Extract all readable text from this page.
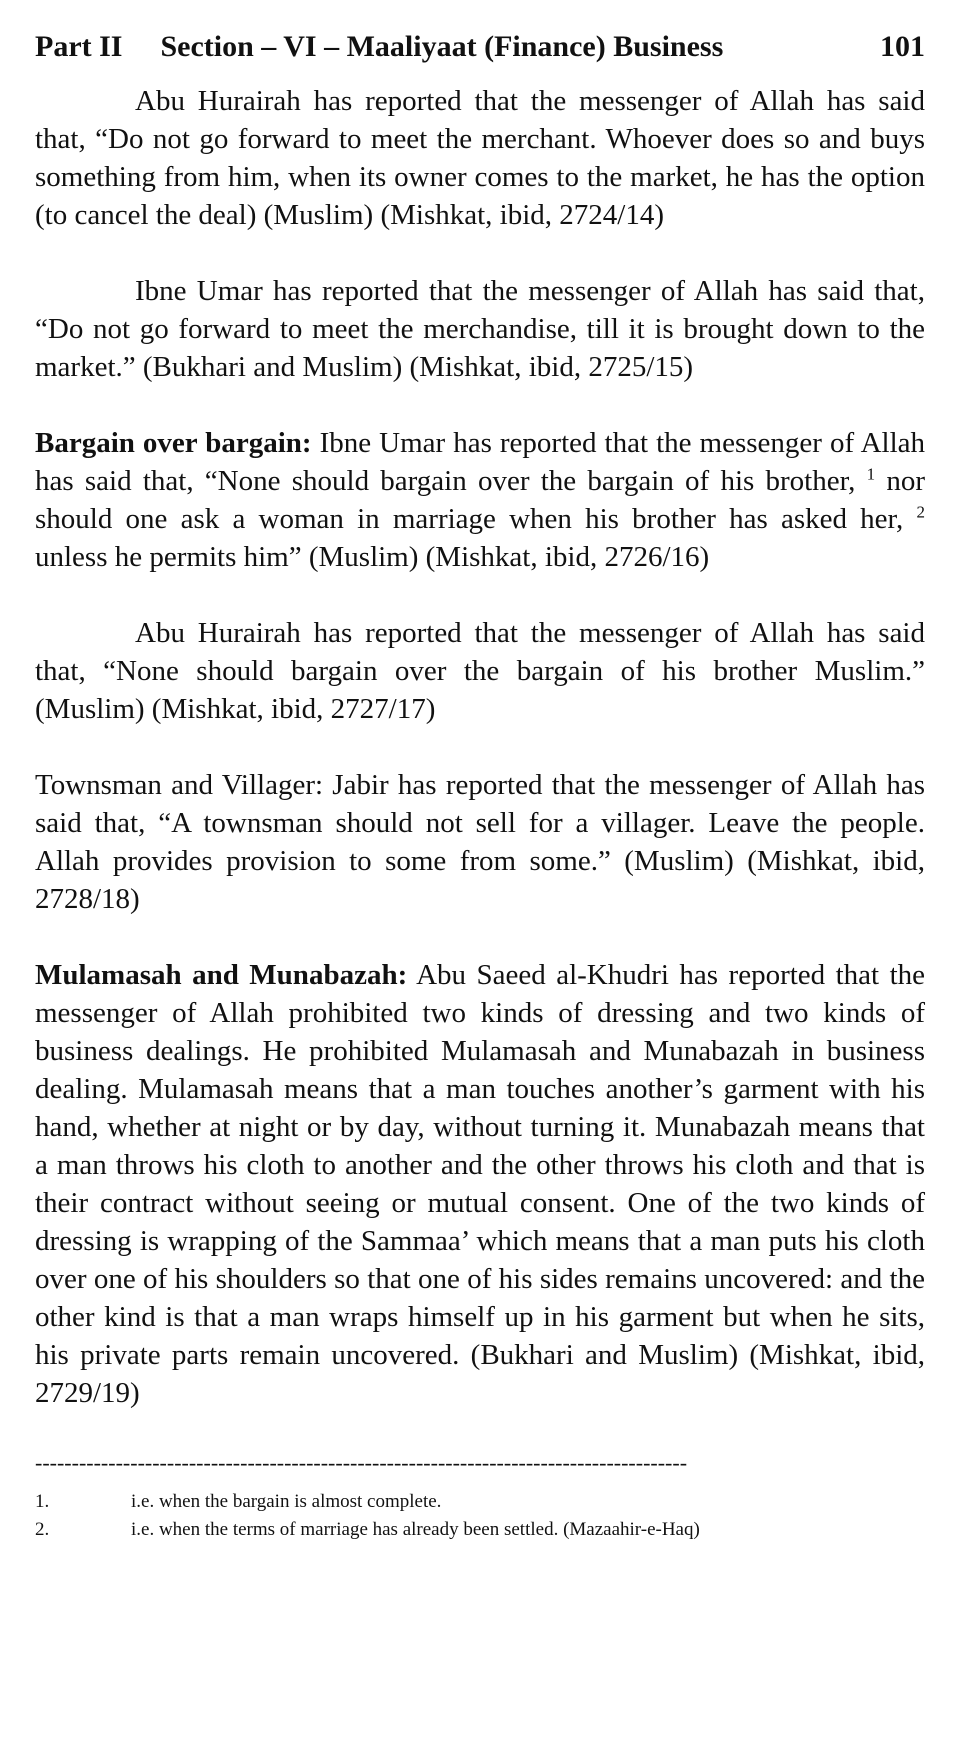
Part II Section – VI – Maaliyaat (Finance) Business	101

Abu Hurairah has reported that the messenger of Allah has said that, “Do not go forward to meet the merchant. Whoever does so and buys something from him, when its owner comes to the market, he has the option (to cancel the deal) (Muslim) (Mishkat, ibid, 2724/14)

Ibne Umar has reported that the messenger of Allah has said that, “Do not go forward to meet the merchandise, till it is brought down to the market.” (Bukhari and Muslim) (Mishkat, ibid, 2725/15)

Bargain over bargain: Ibne Umar has reported that the messenger of Allah has said that, “None should bargain over the bargain of his brother, $^1$ nor should one ask a woman in marriage when his brother has asked her, $^2$ unless he permits him” (Muslim) (Mishkat, ibid, 2726/16)

Abu Hurairah has reported that the messenger of Allah has said that, “None should bargain over the bargain of his brother Muslim.” (Muslim) (Mishkat, ibid, 2727/17)

Townsman and Villager: Jabir has reported that the messenger of Allah has said that, “A townsman should not sell for a villager. Leave the people. Allah provides provision to some from some.” (Muslim) (Mishkat, ibid, 2728/18)

Mulamasah and Munabazah: Abu Saeed al-Khudri has reported that the messenger of Allah prohibited two kinds of dressing and two kinds of business dealings. He prohibited Mulamasah and Munabazah in business dealing. Mulamasah means that a man touches another’s garment with his hand, whether at night or by day, without turning it. Munabazah means that a man throws his cloth to another and the other throws his cloth and that is their contract without seeing or mutual consent. One of the two kinds of dressing is wrapping of the Sammaa’ which means that a man puts his cloth over one of his shoulders so that one of his sides remains uncovered: and the other kind is that a man wraps himself up in his garment but when he sits, his private parts remain uncovered. (Bukhari and Muslim) (Mishkat, ibid, 2729/19)

-----------------------------------------------------------------------------------------
1.	i.e. when the bargain is almost complete.
2.	i.e. when the terms of marriage has already been settled. (Mazaahir-e-Haq)
